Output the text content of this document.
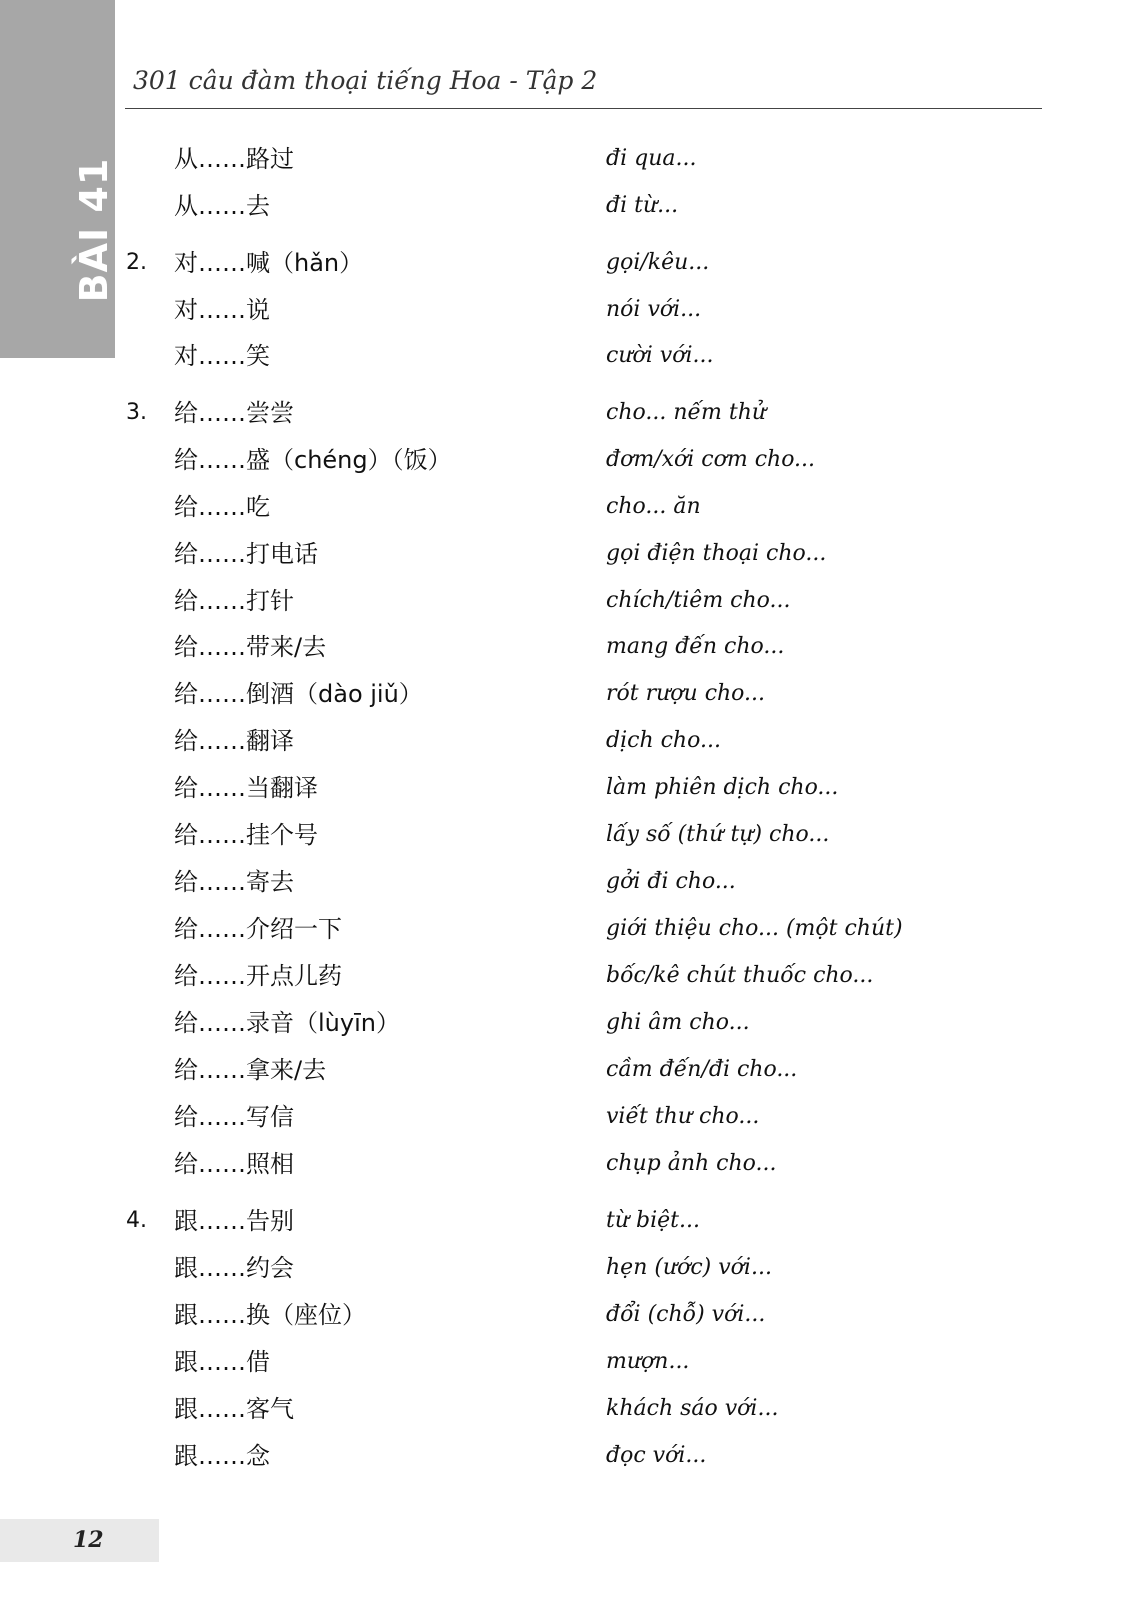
BÀI 41
301 câu đàm thoại tiếng Hoa - Tập 2
从……路过	đi qua...
从……去	đi từ...
2. 对……喊（hǎn）	gọi/kêu...
对……说	nói với...
对……笑	cười với...
3. 给……尝尝	cho... nếm thử
给……盛（chéng）（饭）	đơm/xới cơm cho...
给……吃	cho... ăn
给……打电话	gọi điện thoại cho...
给……打针	chích/tiêm cho...
给……带来/去	mang đến cho...
给……倒酒（dào jiǔ）	rót rượu cho...
给……翻译	dịch cho...
给……当翻译	làm phiên dịch cho...
给……挂个号	lấy số (thứ tự) cho...
给……寄去	gởi đi cho...
给……介绍一下	giới thiệu cho... (một chút)
给……开点儿药	bốc/kê chút thuốc cho...
给……录音（lùyīn）	ghi âm cho...
给……拿来/去	cầm đến/đi cho...
给……写信	viết thư cho...
给……照相	chụp ảnh cho...
4. 跟……告别	từ biệt...
跟……约会	hẹn (ước) với...
跟……换（座位）	đổi (chỗ) với...
跟……借	mượn...
跟……客气	khách sáo với...
跟……念	đọc với...
12
